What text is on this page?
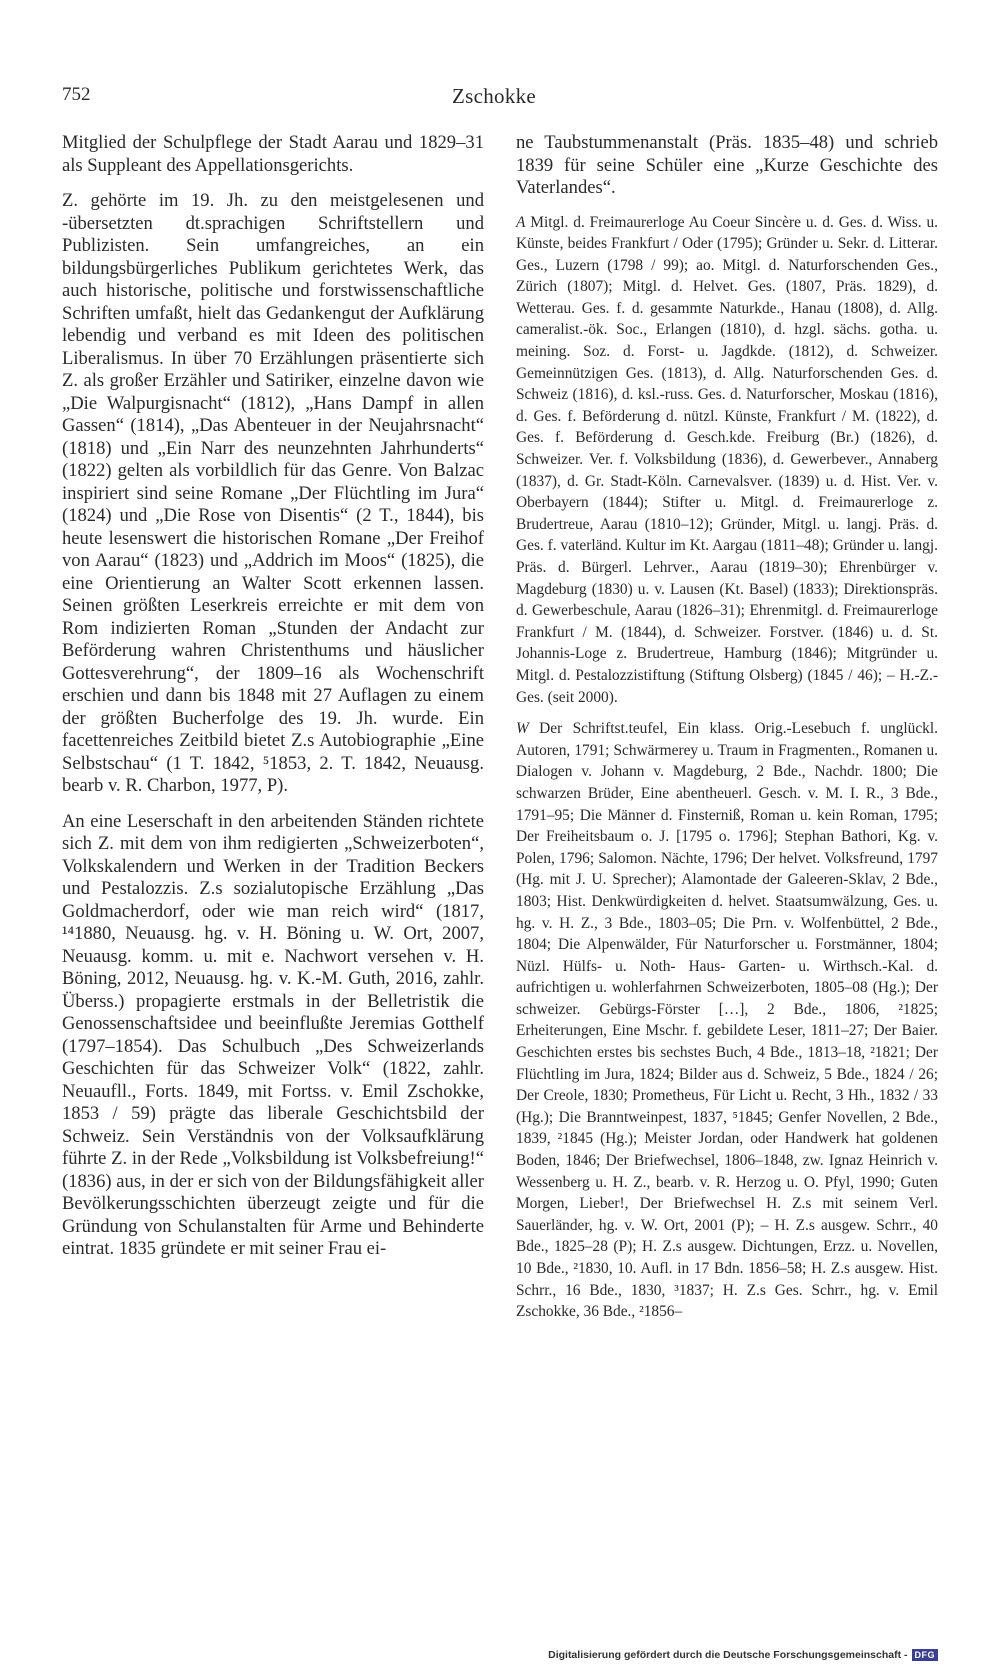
752	Zschokke

Mitglied der Schulpflege der Stadt Aarau und 1829–31 als Suppleant des Appellationsgerichts.

Z. gehörte im 19. Jh. zu den meistgelesenen und -übersetzten dt.sprachigen Schriftstellern und Publizisten. Sein umfangreiches, an ein bildungsbürgerliches Publikum gerichtetes Werk, das auch historische, politische und forstwissenschaftliche Schriften umfaßt, hielt das Gedankengut der Aufklärung lebendig und verband es mit Ideen des politischen Liberalismus. In über 70 Erzählungen präsentierte sich Z. als großer Erzähler und Satiriker, einzelne davon wie „Die Walpurgisnacht“ (1812), „Hans Dampf in allen Gassen“ (1814), „Das Abenteuer in der Neujahrsnacht“ (1818) und „Ein Narr des neunzehnten Jahrhunderts“ (1822) gelten als vorbildlich für das Genre. Von Balzac inspiriert sind seine Romane „Der Flüchtling im Jura“ (1824) und „Die Rose von Disentis“ (2 T., 1844), bis heute lesenswert die historischen Romane „Der Freihof von Aarau“ (1823) und „Addrich im Moos“ (1825), die eine Orientierung an Walter Scott erkennen lassen. Seinen größten Leserkreis erreichte er mit dem von Rom indizierten Roman „Stunden der Andacht zur Beförderung wahren Christenthums und häuslicher Gottesverehrung“, der 1809–16 als Wochenschrift erschien und dann bis 1848 mit 27 Auflagen zu einem der größten Bucherfolge des 19. Jh. wurde. Ein facettenreiches Zeitbild bietet Z.s Autobiographie „Eine Selbstschau“ (1 T. 1842, ⁵1853, 2. T. 1842, Neuausg. bearb v. R. Charbon, 1977, P).

An eine Leserschaft in den arbeitenden Ständen richtete sich Z. mit dem von ihm redigierten „Schweizerboten“, Volkskalendern und Werken in der Tradition Beckers und Pestalozzis. Z.s sozialutopische Erzählung „Das Goldmacherdorf, oder wie man reich wird“ (1817, ¹⁴1880, Neuausg. hg. v. H. Böning u. W. Ort, 2007, Neuausg. komm. u. mit e. Nachwort versehen v. H. Böning, 2012, Neuausg. hg. v. K.-M. Guth, 2016, zahlr. Überss.) propagierte erstmals in der Belletristik die Genossenschaftsidee und beeinflußte Jeremias Gotthelf (1797–1854). Das Schulbuch „Des Schweizerlands Geschichten für das Schweizer Volk“ (1822, zahlr. Neuaufll., Forts. 1849, mit Fortss. v. Emil Zschokke, 1853 / 59) prägte das liberale Geschichtsbild der Schweiz. Sein Verständnis von der Volksaufklärung führte Z. in der Rede „Volksbildung ist Volksbefreiung!“ (1836) aus, in der er sich von der Bildungsfähigkeit aller Bevölkerungsschichten überzeugt zeigte und für die Gründung von Schulanstalten für Arme und Behinderte eintrat. 1835 gründete er mit seiner Frau ei-

ne Taubstummenanstalt (Präs. 1835–48) und schrieb 1839 für seine Schüler eine „Kurze Geschichte des Vaterlandes“.

A Mitgl. d. Freimaurerloge Au Coeur Sincère u. d. Ges. d. Wiss. u. Künste, beides Frankfurt / Oder (1795); Gründer u. Sekr. d. Litterar. Ges., Luzern (1798 / 99); ao. Mitgl. d. Naturforschenden Ges., Zürich (1807); Mitgl. d. Helvet. Ges. (1807, Präs. 1829), d. Wetterau. Ges. f. d. gesammte Naturkde., Hanau (1808), d. Allg. cameralist.-ök. Soc., Erlangen (1810), d. hzgl. sächs. gotha. u. meining. Soz. d. Forst- u. Jagdkde. (1812), d. Schweizer. Gemeinnützigen Ges. (1813), d. Allg. Naturforschenden Ges. d. Schweiz (1816), d. ksl.-russ. Ges. d. Naturforscher, Moskau (1816), d. Ges. f. Beförderung d. nützl. Künste, Frankfurt / M. (1822), d. Ges. f. Beförderung d. Gesch.kde. Freiburg (Br.) (1826), d. Schweizer. Ver. f. Volksbildung (1836), d. Gewerbever., Annaberg (1837), d. Gr. Stadt-Köln. Carnevalsver. (1839) u. d. Hist. Ver. v. Oberbayern (1844); Stifter u. Mitgl. d. Freimaurerloge z. Brudertreue, Aarau (1810–12); Gründer, Mitgl. u. langj. Präs. d. Ges. f. vaterländ. Kultur im Kt. Aargau (1811–48); Gründer u. langj. Präs. d. Bürgerl. Lehrver., Aarau (1819–30); Ehrenbürger v. Magdeburg (1830) u. v. Lausen (Kt. Basel) (1833); Direktionspräs. d. Gewerbeschule, Aarau (1826–31); Ehrenmitgl. d. Freimaurerloge Frankfurt / M. (1844), d. Schweizer. Forstver. (1846) u. d. St. Johannis-Loge z. Brudertreue, Hamburg (1846); Mitgründer u. Mitgl. d. Pestalozzistiftung (Stiftung Olsberg) (1845 / 46); – H.-Z.-Ges. (seit 2000).

W Der Schriftst.teufel, Ein klass. Orig.-Lesebuch f. unglückl. Autoren, 1791; Schwärmerey u. Traum in Fragmenten., Romanen u. Dialogen v. Johann v. Magdeburg, 2 Bde., Nachdr. 1800; Die schwarzen Brüder, Eine abentheuerl. Gesch. v. M. I. R., 3 Bde., 1791–95; Die Männer d. Finsterniß, Roman u. kein Roman, 1795; Der Freiheitsbaum o. J. [1795 o. 1796]; Stephan Bathori, Kg. v. Polen, 1796; Salomon. Nächte, 1796; Der helvet. Volksfreund, 1797 (Hg. mit J. U. Sprecher); Alamontade der Galeeren-Sklav, 2 Bde., 1803; Hist. Denkwürdigkeiten d. helvet. Staatsumwälzung, Ges. u. hg. v. H. Z., 3 Bde., 1803–05; Die Prn. v. Wolfenbüttel, 2 Bde., 1804; Die Alpenwälder, Für Naturforscher u. Forstmänner, 1804; Nüzl. Hülfs- u. Noth- Haus- Garten- u. Wirthsch.-Kal. d. aufrichtigen u. wohlerfahrnen Schweizerboten, 1805–08 (Hg.); Der schweizer. Gebürgs-Förster […], 2 Bde., 1806, ²1825; Erheiterungen, Eine Mschr. f. gebildete Leser, 1811–27; Der Baier. Geschichten erstes bis sechstes Buch, 4 Bde., 1813–18, ²1821; Der Flüchtling im Jura, 1824; Bilder aus d. Schweiz, 5 Bde., 1824 / 26; Der Creole, 1830; Prometheus, Für Licht u. Recht, 3 Hh., 1832 / 33 (Hg.); Die Branntweinpest, 1837, ⁵1845; Genfer Novellen, 2 Bde., 1839, ²1845 (Hg.); Meister Jordan, oder Handwerk hat goldenen Boden, 1846; Der Briefwechsel, 1806–1848, zw. Ignaz Heinrich v. Wessenberg u. H. Z., bearb. v. R. Herzog u. O. Pfyl, 1990; Guten Morgen, Lieber!, Der Briefwechsel H. Z.s mit seinem Verl. Sauerländer, hg. v. W. Ort, 2001 (P); – H. Z.s ausgew. Schrr., 40 Bde., 1825–28 (P); H. Z.s ausgew. Dichtungen, Erzz. u. Novellen, 10 Bde., ²1830, 10. Aufl. in 17 Bdn. 1856–58; H. Z.s ausgew. Hist. Schrr., 16 Bde., 1830, ³1837; H. Z.s Ges. Schrr., hg. v. Emil Zschokke, 36 Bde., ²1856–

Digitalisierung gefördert durch die Deutsche Forschungsgemeinschaft - DFG
